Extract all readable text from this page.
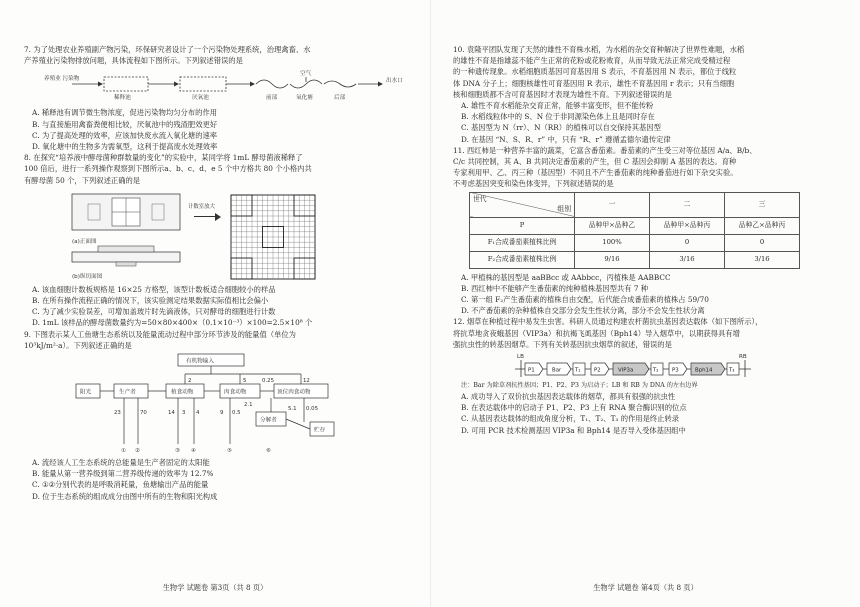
7. 为了处理农业养殖副产物污染，环保研究者设计了一个污染物处理系统，治理禽畜、水

产养殖业污染物排放问题，具体流程如下图所示。下列叙述错误的是

养殖业 污染物
稀释池	厌氧池	前部
空气
氧化塘	后部
出水口

A. 稀释池有调节微生物浓度，促进污染物均匀分布的作用

B. 与直接施用禽畜粪便相比较，厌氧池中的残渣肥效更好

C. 为了提高处理的效率，应该加快废水流入氧化塘的速率

D. 氧化塘中的生物多为需氧型，这利于提高废水处理效率

8. 在探究“培养液中酵母菌种群数量的变化”的实验中，某同学将 1mL 酵母菌液稀释了

100 倍后，进行一系列操作观察到下图所示a、b、c、d、e 5 个中方格共 80 个小格内共

有酵母菌 50 个，下列叙述正确的是

(a)正面图
(b)纵切面图
计数室放大

A. 该血细胞计数板规格是 16×25 方格型，该型计数板适合细胞较小的样品

B. 在所有操作流程正确的情况下，该实验测定结果数据实际值相比会偏小

C. 为了减少实验误差，可增加盖玻片时先滴液体，只对酵母的细胞进行计数

D. 1mL 该样品的酵母菌数量约为=50×80×400×（0.1×10⁻³）×100=2.5×10⁸ 个

9. 下图表示某人工鱼塘生态系统以及能量流动过程中部分环节涉及的能量值（单位为

10³kJ/m²·a）。下列叙述正确的是

有机物输入
阳光	生产者	植食动物	肉食动物	顶位肉食动物
分解者
贮存
2	5	12
0.25
23	70	14 3 4	9 0.5
2.1
5.1 0.05
① ②	③ ④	⑤	⑥

A. 流经该人工生态系统的总能量是生产者固定的太阳能

B. 能量从第一营养级到第二营养级传递的效率为 12.7%

C. ①②分别代表的是呼吸消耗量，鱼塘输出产品的能量

D. 位于生态系统的组成成分由图中所有的生物和阳光构成

生物学 试题卷 第3页（共 8 页）

10. 袁隆平团队发现了天然的雄性不育株水稻，为水稻的杂交育种解决了世界性难题，水稻

的雄性不育是指雄蕊不能产生正常的花粉或花粉败育，从而导致无法正常完成受精过程

的一种遗传现象。水稻细胞质基因可育基因用 S 表示，不育基因用 N 表示，都位于线粒

体 DNA 分子上；细胞核雄性可育基因用 R 表示，雄性不育基因用 r 表示；只有当细胞

核和细胞质都不含可育基因时才表现为雄性不育。下列叙述错误的是

A. 雄性不育水稻能杂交育正常，能够丰富变形，但不能传粉

B. 水稻线粒体中的 S、N 位于非同源染色体上且是同时存在

C. 基因型为 N（rr）、N（RR）的植株可以自交保持其基因型

D. 在基因 “N、S、R、r” 中，只有 “R、r” 遵循孟德尔遗传定律

11. 西红柿是一种营养丰富的蔬菜，它富含番茄素。番茄素的产生受三对等位基因 A/a、B/b、

C/c 共同控制，其 A、B 共同决定番茄素的产生，但 C 基因会抑制 A 基因的表达。育种

专家利用甲、乙、丙三种（基因型）不同且不产生番茄素的纯种番茄进行如下杂交实验。

不考虑基因突变和染色体变异，下列叙述错误的是

组别
世代	一	二	三
P	品种甲×品种乙	品种甲×品种丙	品种乙×品种丙
F₁合成番茄素植株比例	100%	0	0
F₂合成番茄素植株比例	9/16	3/16	3/16

A. 甲植株的基因型是 aaBBcc 或 AAbbcc，丙植株是 AABBCC

B. 西红柿中不能够产生番茄素的纯种植株基因型共有 7 种

C. 第一组 F₂产生番茄素的植株自由交配，后代能合成番茄素的植株占 59/70

D. 不产番茄素的杂种植株自交部分会发生性状分离，部分不会发生性状分离

12. 烟草在种植过程中易发生虫害。科研人员通过构建农杆菌抗虫基因表达载体（如下图所示），

将抗草地贪夜蛾基因（VIP3a）和抗褐飞虱基因（Bph14）导入烟草中，以期获得具有增

强抗虫性的转基因烟草。下列有关转基因抗虫烟草的叙述，错误的是

LB	RB
P1	Bar	T₁	P2	VIP3a	T₂	P3	Bph14	T₃

注：Bar 为除草剂抗性基因；P1、P2、P3 为启动子；LB 和 RB 为 DNA 的左右边界

A. 成功导入了双价抗虫基因表达载体的烟草，都具有很强的抗虫性

B. 在表达载体中的启动子 P1、P2、P3 上有 RNA 聚合酶识别的位点

C. 从基因表达载体的组成角度分析，T₁、T₂、T₃ 的作用是终止转录

D. 可用 PCR 技术检测基因 VIP3a 和 Bph14 是否导入受体基因组中

生物学 试题卷 第4页（共 8 页）
